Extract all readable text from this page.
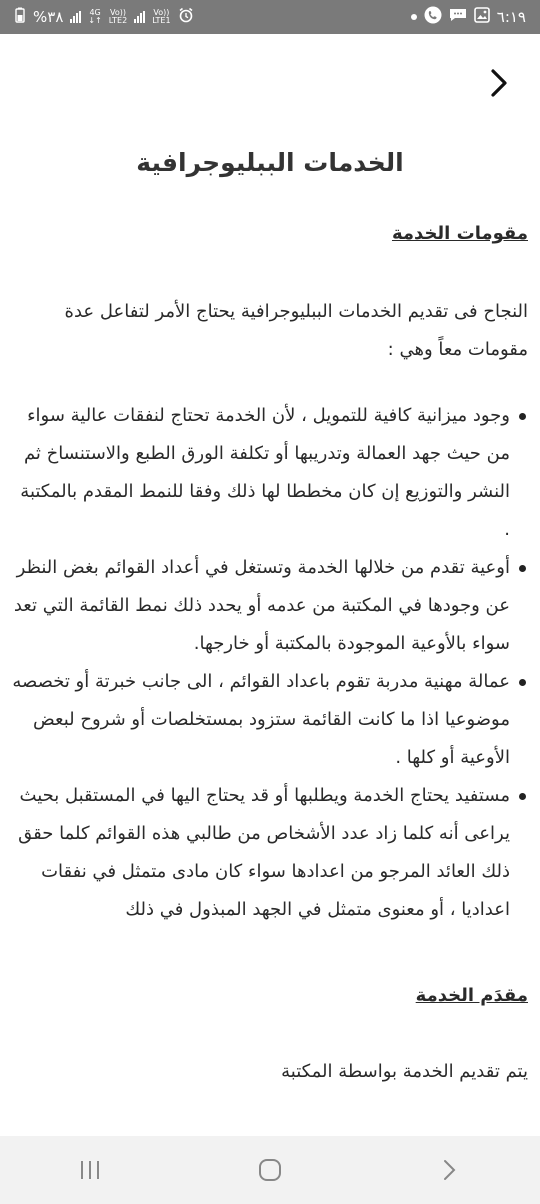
%٣٨	4G
↓↑
Vo))
LTE2
Vo))
LTE1	٦:١٩
الخدمات الببليوجرافية
مقومات الخدمة

النجاح فى تقديم الخدمات الببليوجرافية يحتاج الأمر لتفاعل عدة مقومات معاً وهي :

وجود ميزانية كافية للتمويل ، لأن الخدمة تحتاج لنفقات عالية سواء من حيث جهد العمالة وتدريبها أو تكلفة الورق الطبع والاستنساخ ثم النشر والتوزيع إن كان مخططا لها ذلك وفقا للنمط المقدم بالمكتبة .
أوعية تقدم من خلالها الخدمة وتستغل في أعداد القوائم بغض النظر عن وجودها في المكتبة من عدمه أو يحدد ذلك نمط القائمة التي تعد سواء بالأوعية الموجودة بالمكتبة أو خارجها.
عمالة مهنية مدربة تقوم باعداد القوائم ، الى جانب خبرتة أو تخصصه موضوعيا اذا ما كانت القائمة ستزود بمستخلصات أو شروح لبعض الأوعية أو كلها .
مستفيد يحتاج الخدمة ويطلبها أو قد يحتاج اليها في المستقبل بحيث يراعى أنه كلما زاد عدد الأشخاص من طالبي هذه القوائم كلما حقق ذلك العائد المرجو من اعدادها سواء كان مادى متمثل في نفقات اعداديا ، أو معنوى متمثل في الجهد المبذول في ذلك
مقدَم الخدمة

يتم تقديم الخدمة بواسطة المكتبة
